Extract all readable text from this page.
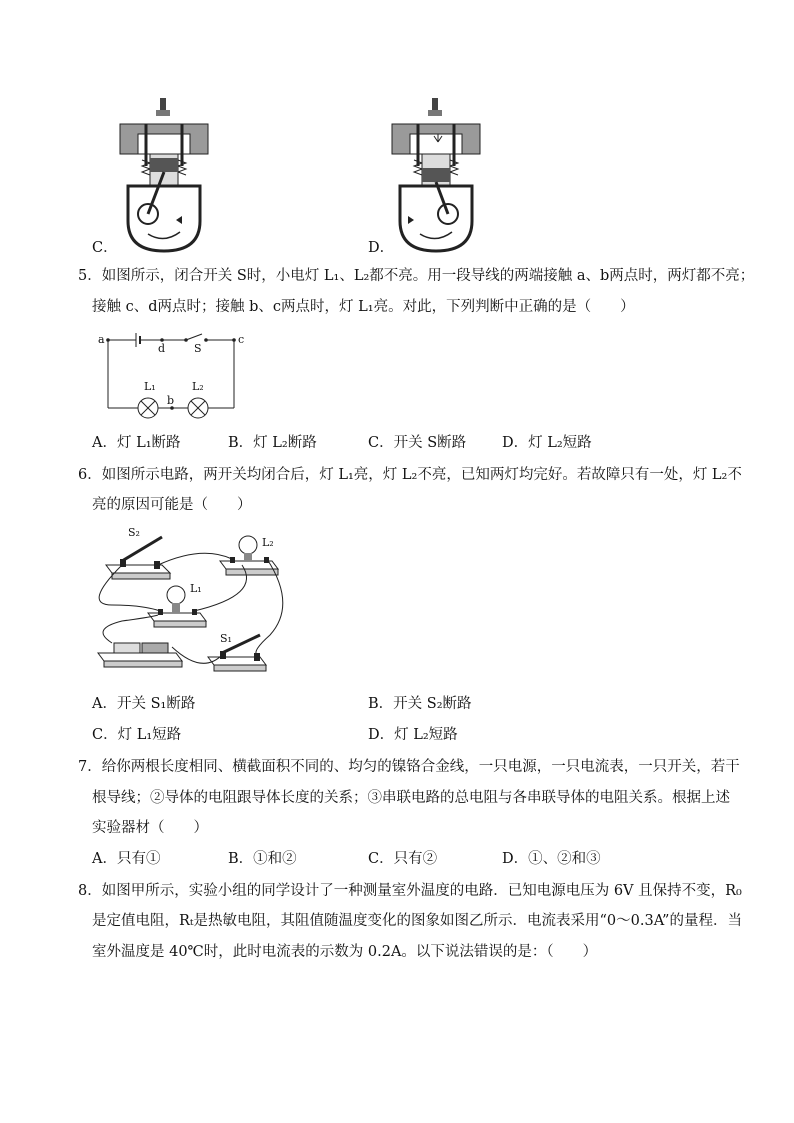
C．	D．
5．如图所示，闭合开关 S时，小电灯 L₁、L₂都不亮。用一段导线的两端接触 a、b两点时，两灯都不亮；
接触 c、d两点时；接触 b、c两点时，灯 L₁亮。对此，下列判断中正确的是（　　）
a	c
d	S
L₁	L₂
b
A．灯 L₁断路	B．灯 L₂断路	C．开关 S断路 D．灯 L₂短路
6．如图所示电路，两开关均闭合后，灯 L₁亮，灯 L₂不亮，已知两灯均完好。若故障只有一处，灯 L₂不
亮的原因可能是（　　）
S₂
L₂
L₁
S₁
A．开关 S₁断路	B．开关 S₂断路
C．灯 L₁短路	D．灯 L₂短路
7．给你两根长度相同、横截面积不同的、均匀的镍铬合金线，一只电源，一只电流表，一只开关，若干
根导线；②导体的电阻跟导体长度的关系；③串联电路的总电阻与各串联导体的电阻关系。根据上述
实验器材（　　）
A．只有①	B．①和②	C．只有②	D．①、②和③
8．如图甲所示，实验小组的同学设计了一种测量室外温度的电路．已知电源电压为 6V 且保持不变，R₀
是定值电阻，Rₜ是热敏电阻，其阻值随温度变化的图象如图乙所示．电流表采用“0～0.3A”的量程．当
室外温度是 40℃时，此时电流表的示数为 0.2A。以下说法错误的是：（　　）
